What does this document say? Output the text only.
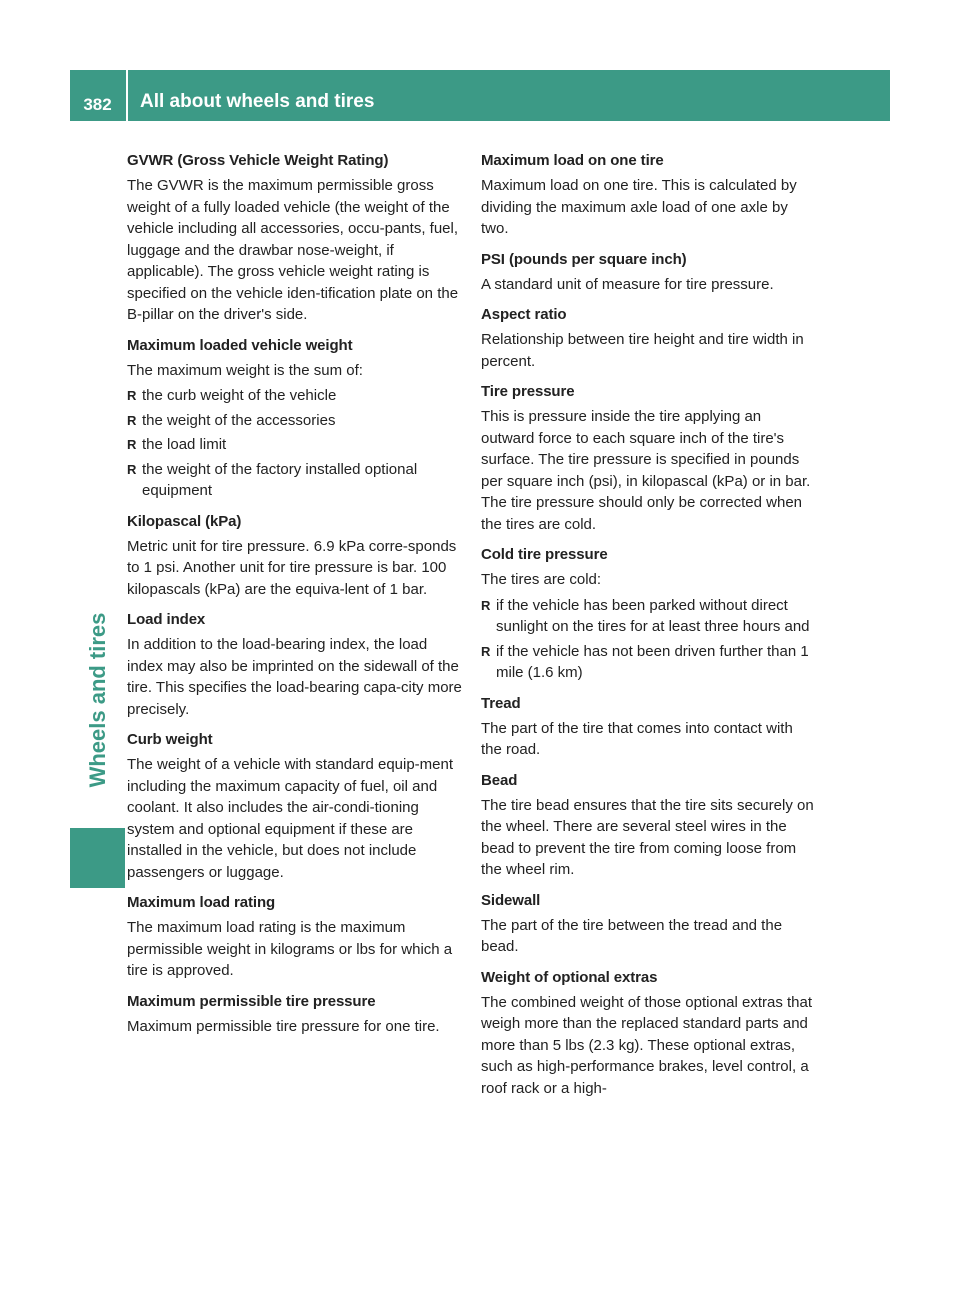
382	All about wheels and tires
Wheels and tires
GVWR (Gross Vehicle Weight Rating)
The GVWR is the maximum permissible gross weight of a fully loaded vehicle (the weight of the vehicle including all accessories, occu-pants, fuel, luggage and the drawbar nose-weight, if applicable). The gross vehicle weight rating is specified on the vehicle iden-tification plate on the B-pillar on the driver's side.
Maximum loaded vehicle weight
The maximum weight is the sum of:
R the curb weight of the vehicle
R the weight of the accessories
R the load limit
R the weight of the factory installed optional equipment
Kilopascal (kPa)
Metric unit for tire pressure. 6.9 kPa corre-sponds to 1 psi. Another unit for tire pressure is bar. 100 kilopascals (kPa) are the equiva-lent of 1 bar.
Load index
In addition to the load-bearing index, the load index may also be imprinted on the sidewall of the tire. This specifies the load-bearing capa-city more precisely.
Curb weight
The weight of a vehicle with standard equip-ment including the maximum capacity of fuel, oil and coolant. It also includes the air-condi-tioning system and optional equipment if these are installed in the vehicle, but does not include passengers or luggage.
Maximum load rating
The maximum load rating is the maximum permissible weight in kilograms or lbs for which a tire is approved.
Maximum permissible tire pressure
Maximum permissible tire pressure for one tire.
Maximum load on one tire
Maximum load on one tire. This is calculated by dividing the maximum axle load of one axle by two.
PSI (pounds per square inch)
A standard unit of measure for tire pressure.
Aspect ratio
Relationship between tire height and tire width in percent.
Tire pressure
This is pressure inside the tire applying an outward force to each square inch of the tire's surface. The tire pressure is specified in pounds per square inch (psi), in kilopascal (kPa) or in bar. The tire pressure should only be corrected when the tires are cold.
Cold tire pressure
The tires are cold:
R if the vehicle has been parked without direct sunlight on the tires for at least three hours and
R if the vehicle has not been driven further than 1 mile (1.6 km)
Tread
The part of the tire that comes into contact with the road.
Bead
The tire bead ensures that the tire sits securely on the wheel. There are several steel wires in the bead to prevent the tire from coming loose from the wheel rim.
Sidewall
The part of the tire between the tread and the bead.
Weight of optional extras
The combined weight of those optional extras that weigh more than the replaced standard parts and more than 5 lbs (2.3 kg). These optional extras, such as high-performance brakes, level control, a roof rack or a high-
